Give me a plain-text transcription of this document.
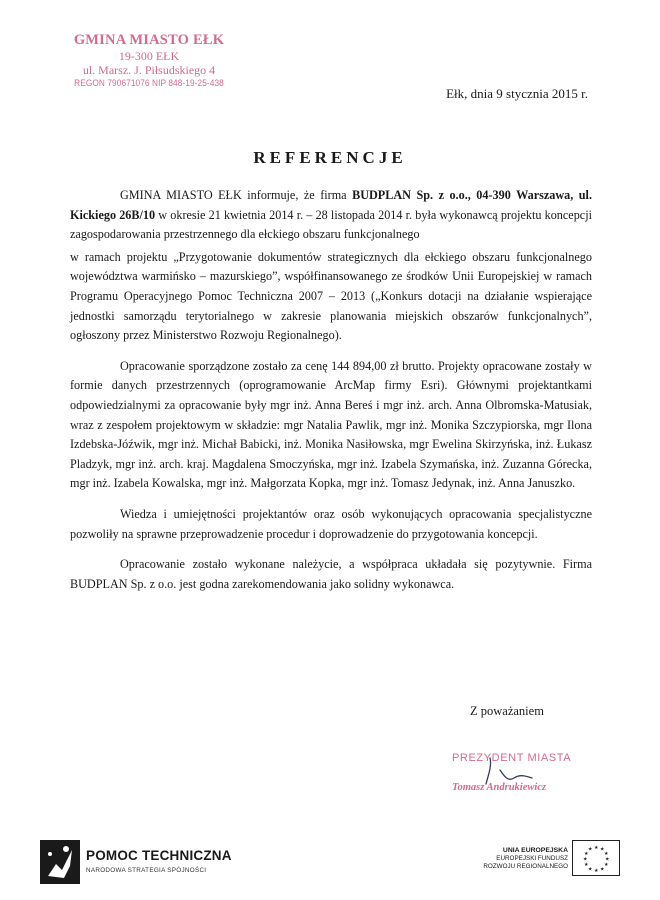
GMINA MIASTO EŁK
19-300 EŁK
ul. Marsz. J. Piłsudskiego 4
REGON 790671076 NIP 848-19-25-438
Ełk, dnia 9 stycznia 2015 r.
REFERENCJE

GMINA MIASTO EŁK informuje, że firma BUDPLAN Sp. z o.o., 04-390 Warszawa, ul. Kickiego 26B/10 w okresie 21 kwietnia 2014 r. – 28 listopada 2014 r. była wykonawcą projektu koncepcji zagospodarowania przestrzennego dla ełckiego obszaru funkcjonalnego

w ramach projektu „Przygotowanie dokumentów strategicznych dla ełckiego obszaru funkcjonalnego województwa warmińsko – mazurskiego”, współfinansowanego ze środków Unii Europejskiej w ramach Programu Operacyjnego Pomoc Techniczna 2007 – 2013 („Konkurs dotacji na działanie wspierające jednostki samorządu terytorialnego w zakresie planowania miejskich obszarów funkcjonalnych”, ogłoszony przez Ministerstwo Rozwoju Regionalnego).

Opracowanie sporządzone zostało za cenę 144 894,00 zł brutto. Projekty opracowane zostały w formie danych przestrzennych (oprogramowanie ArcMap firmy Esri). Głównymi projektantkami odpowiedzialnymi za opracowanie były mgr inż. Anna Bereś i mgr inż. arch. Anna Olbromska-Matusiak, wraz z zespołem projektowym w składzie: mgr Natalia Pawlik, mgr inż. Monika Szczypiorska, mgr Ilona Izdebska-Jóźwik, mgr inż. Michał Babicki, inż. Monika Nasiłowska, mgr Ewelina Skirzyńska, inż. Łukasz Pladzyk, mgr inż. arch. kraj. Magdalena Smoczyńska, mgr inż. Izabela Szymańska, inż. Zuzanna Górecka, mgr inż. Izabela Kowalska, mgr inż. Małgorzata Kopka, mgr inż. Tomasz Jedynak, inż. Anna Januszko.

Wiedza i umiejętności projektantów oraz osób wykonujących opracowania specjalistyczne pozwoliły na sprawne przeprowadzenie procedur i doprowadzenie do przygotowania koncepcji.

Opracowanie zostało wykonane należycie, a współpraca układała się pozytywnie. Firma BUDPLAN Sp. z o.o. jest godna zarekomendowania jako solidny wykonawca.

Z poważaniem
PREZYDENT MIASTA
Tomasz Andrukiewicz
POMOC TECHNICZNA
NARODOWA STRATEGIA SPÓJNOŚCI
UNIA EUROPEJSKA
EUROPEJSKI FUNDUSZ
ROZWOJU REGIONALNEGO
★ ★
★
★
★
★
★
★
★
★
★
★
